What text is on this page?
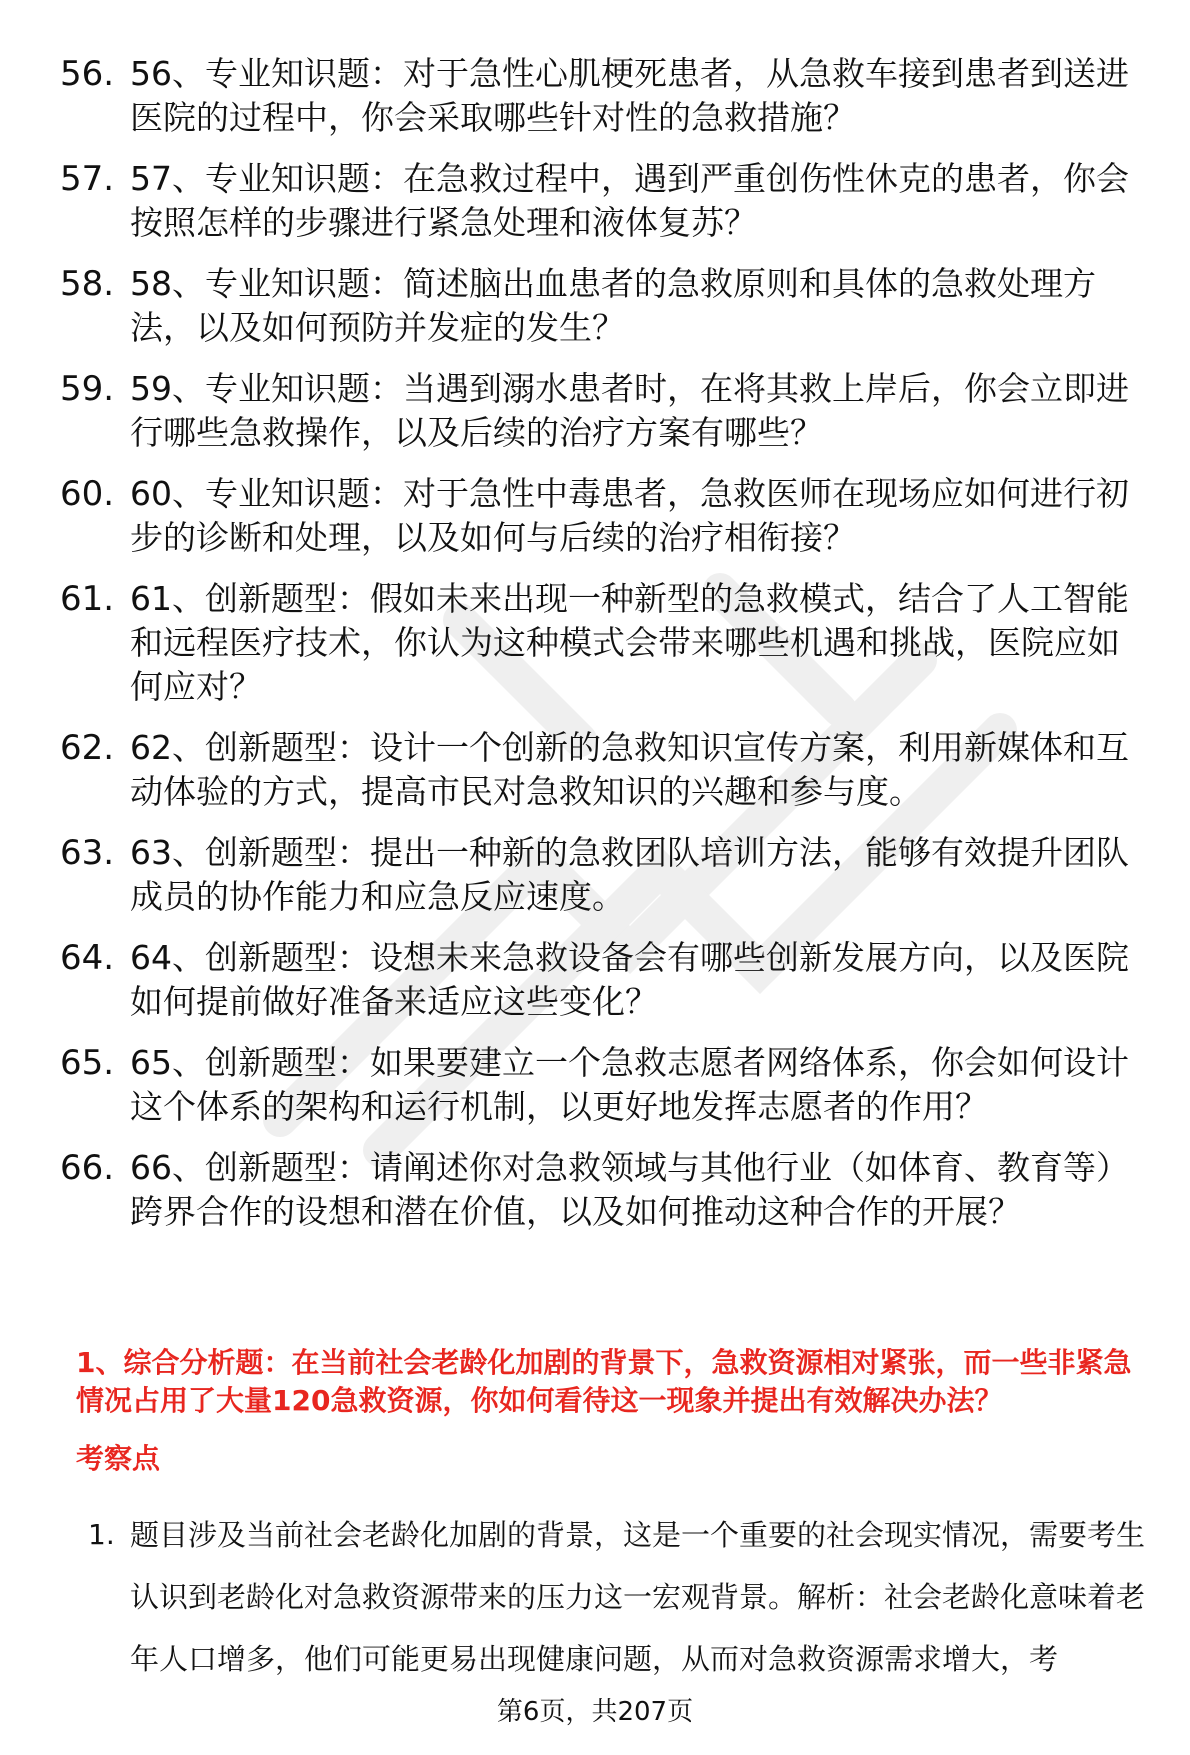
56. 56、专业知识题：对于急性心肌梗死患者，从急救车接到患者到送进医院的过程中，你会采取哪些针对性的急救措施？
57. 57、专业知识题：在急救过程中，遇到严重创伤性休克的患者，你会按照怎样的步骤进行紧急处理和液体复苏？
58. 58、专业知识题：简述脑出血患者的急救原则和具体的急救处理方法，以及如何预防并发症的发生？
59. 59、专业知识题：当遇到溺水患者时，在将其救上岸后，你会立即进行哪些急救操作，以及后续的治疗方案有哪些？
60. 60、专业知识题：对于急性中毒患者，急救医师在现场应如何进行初步的诊断和处理，以及如何与后续的治疗相衔接？
61. 61、创新题型：假如未来出现一种新型的急救模式，结合了人工智能和远程医疗技术，你认为这种模式会带来哪些机遇和挑战，医院应如何应对？
62. 62、创新题型：设计一个创新的急救知识宣传方案，利用新媒体和互动体验的方式，提高市民对急救知识的兴趣和参与度。
63. 63、创新题型：提出一种新的急救团队培训方法，能够有效提升团队成员的协作能力和应急反应速度。
64. 64、创新题型：设想未来急救设备会有哪些创新发展方向，以及医院如何提前做好准备来适应这些变化？
65. 65、创新题型：如果要建立一个急救志愿者网络体系，你会如何设计这个体系的架构和运行机制，以更好地发挥志愿者的作用？
66. 66、创新题型：请阐述你对急救领域与其他行业（如体育、教育等）跨界合作的设想和潜在价值，以及如何推动这种合作的开展？
1、综合分析题：在当前社会老龄化加剧的背景下，急救资源相对紧张，而一些非紧急情况占用了大量120急救资源，你如何看待这一现象并提出有效解决办法？
考察点
1. 题目涉及当前社会老龄化加剧的背景，这是一个重要的社会现实情况，需要考生认识到老龄化对急救资源带来的压力这一宏观背景。解析：社会老龄化意味着老年人口增多，他们可能更易出现健康问题，从而对急救资源需求增大，考
第6页，共207页
